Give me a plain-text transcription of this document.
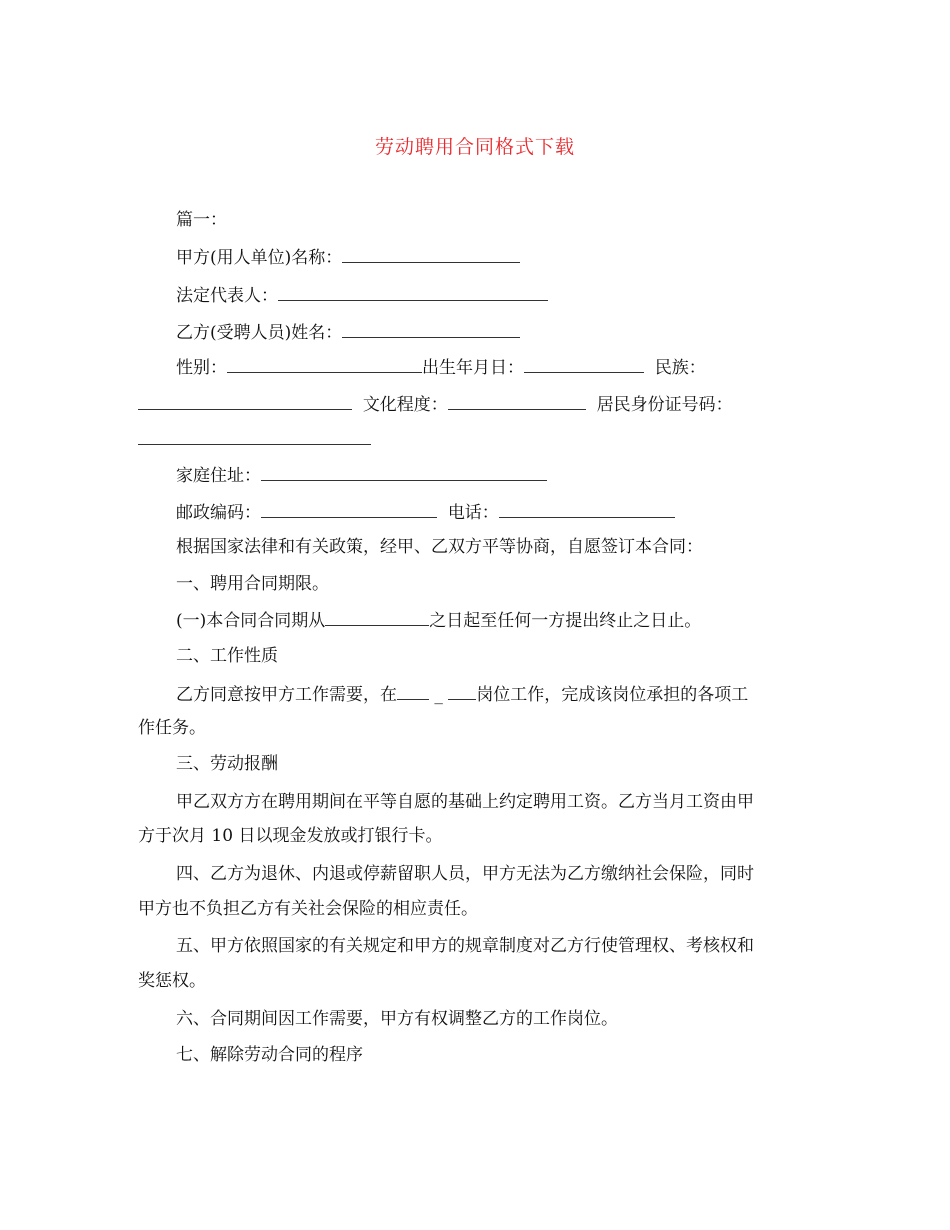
劳动聘用合同格式下载
篇一：
甲方(用人单位)名称：
法定代表人：
乙方(受聘人员)姓名：
性别：	出生年月日：	民族：
文化程度：	居民身份证号码：
家庭住址：
邮政编码：	电话：
根据国家法律和有关政策，经甲、乙双方平等协商，自愿签订本合同：
一、聘用合同期限。
(一)本合同合同期从	之日起至任何一方提出终止之日止。
二、工作性质
乙方同意按甲方工作需要，在 _ 岗位工作，完成该岗位承担的各项工
作任务。
三、劳动报酬
甲乙双方方在聘用期间在平等自愿的基础上约定聘用工资。乙方当月工资由甲
方于次月 10 日以现金发放或打银行卡。
四、乙方为退休、内退或停薪留职人员，甲方无法为乙方缴纳社会保险，同时
甲方也不负担乙方有关社会保险的相应责任。
五、甲方依照国家的有关规定和甲方的规章制度对乙方行使管理权、考核权和
奖惩权。
六、合同期间因工作需要，甲方有权调整乙方的工作岗位。
七、解除劳动合同的程序
